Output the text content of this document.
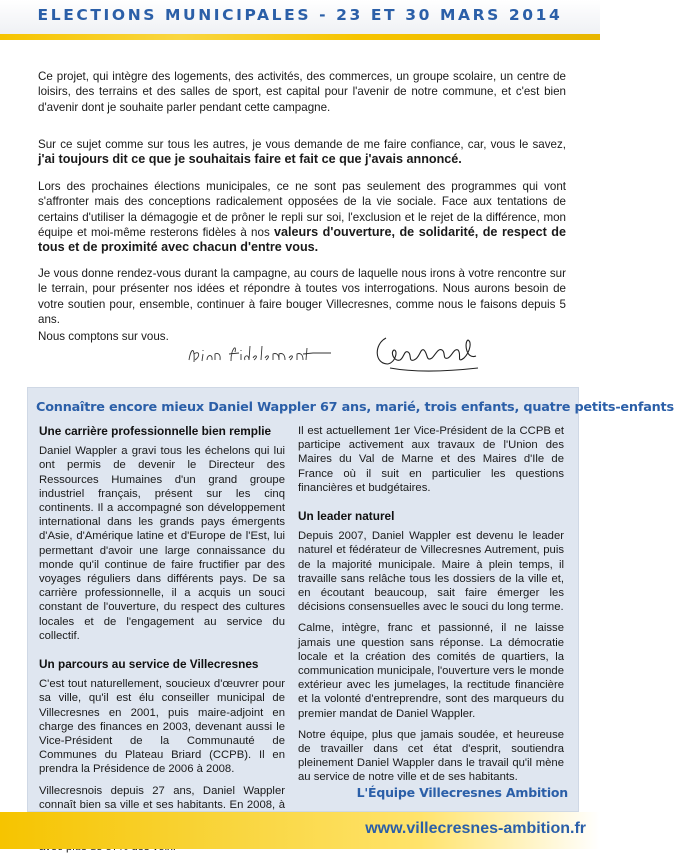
ELECTIONS MUNICIPALES - 23 ET 30 MARS 2014

Ce projet, qui intègre des logements, des activités, des commerces, un groupe scolaire, un centre de loisirs, des terrains et des salles de sport, est capital pour l'avenir de notre commune, et c'est bien d'avenir dont je souhaite parler pendant cette campagne.

Sur ce sujet comme sur tous les autres, je vous demande de me faire confiance, car, vous le savez, j'ai toujours dit ce que je souhaitais faire et fait ce que j'avais annoncé.

Lors des prochaines élections municipales, ce ne sont pas seulement des programmes qui vont s'affronter mais des conceptions radicalement opposées de la vie sociale. Face aux tentations de certains d'utiliser la démagogie et de prôner le repli sur soi, l'exclusion et le rejet de la différence, mon équipe et moi-même resterons fidèles à nos valeurs d'ouverture, de solidarité, de respect de tous et de proximité avec chacun d'entre vous.

Je vous donne rendez-vous durant la campagne, au cours de laquelle nous irons à votre rencontre sur le terrain, pour présenter nos idées et répondre à toutes vos interrogations. Nous aurons besoin de votre soutien pour, ensemble, continuer à faire bouger Villecresnes, comme nous le faisons depuis 5 ans.

Nous comptons sur vous.

Connaître encore mieux Daniel Wappler 67 ans, marié, trois enfants, quatre petits-enfants
Une carrière professionnelle bien remplie

Daniel Wappler a gravi tous les échelons qui lui ont permis de devenir le Directeur des Ressources Humaines d'un grand groupe industriel français, présent sur les cinq continents. Il a accompagné son développement international dans les grands pays émergents d'Asie, d'Amérique latine et d'Europe de l'Est, lui permettant d'avoir une large connaissance du monde qu'il continue de faire fructifier par des voyages réguliers dans différents pays. De sa carrière professionnelle, il a acquis un souci constant de l'ouverture, du respect des cultures locales et de l'engagement au service du collectif.

Un parcours au service de Villecresnes

C'est tout naturellement, soucieux d'œuvrer pour sa ville, qu'il est élu conseiller municipal de Villecresnes en 2001, puis maire-adjoint en charge des finances en 2003, devenant aussi le Vice-Président de la Communauté de Communes du Plateau Briard (CCPB). Il en prendra la Présidence de 2006 à 2008.

Villecresnois depuis 27 ans, Daniel Wappler connaît bien sa ville et ses habitants. En 2008, à

Il est actuellement 1er Vice-Président de la CCPB et participe activement aux travaux de l'Union des Maires du Val de Marne et des Maires d'Ile de France où il suit en particulier les questions financières et budgétaires.

Un leader naturel

Depuis 2007, Daniel Wappler est devenu le leader naturel et fédérateur de Villecresnes Autrement, puis de la majorité municipale. Maire à plein temps, il travaille sans relâche tous les dossiers de la ville et, en écoutant beaucoup, sait faire émerger les décisions consensuelles avec le souci du long terme.

Calme, intègre, franc et passionné, il ne laisse jamais une question sans réponse. La démocratie locale et la création des comités de quartiers, la communication municipale, l'ouverture vers le monde extérieur avec les jumelages, la rectitude financière et la volonté d'entreprendre, sont des marqueurs du premier mandat de Daniel Wappler.

Notre équipe, plus que jamais soudée, et heureuse de travailler dans cet état d'esprit, soutiendra pleinement Daniel Wappler dans le travail qu'il mène au service de notre ville et de ses habitants.

L'Équipe Villecresnes Ambition
www.villecresnes-ambition.fr
